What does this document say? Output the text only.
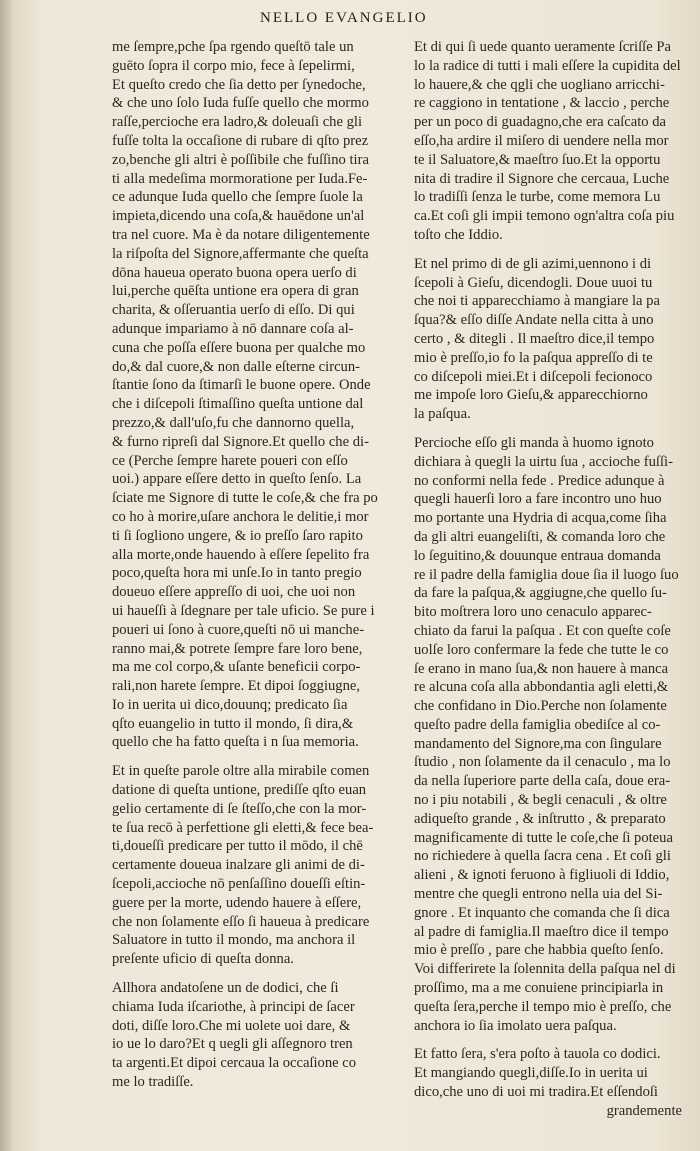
NELLO EVANGELIO
me ſempre,pche ſpa rgendo queſtō tale un
guēto ſopra il corpo mio, fece à ſepelirmi,
Et queſto credo che ſia detto per ſynedoche,
& che uno ſolo Iuda fuſſe quello che mormo
raſſe,percioche era ladro,& doleuaſi che gli
fuſſe tolta la occaſione di rubare di qſto prez
zo,benche gli altri è poſſibile che fuſſino tira
ti alla medeſima mormoratione per Iuda.Fe-
ce adunque Iuda quello che ſempre ſuole la
impieta,dicendo una coſa,& hauēdone un'al
tra nel cuore. Ma è da notare diligentemente
la riſpoſta del Signore,affermante che queſta
dōna haueua operato buona opera uerſo di
lui,perche quēſta untione era opera di gran
charita, & oſſeruantia uerſo di eſſo. Di qui
adunque impariamo à nō dannare coſa al-
cuna che poſſa eſſere buona per qualche mo
do,& dal cuore,& non dalle eſterne circun-
ſtantie ſono da ſtimarſi le buone opere. Onde
che i diſcepoli ſtimaſſino queſta untione dal
prezzo,& dall'uſo,fu che dannorno quella,
& furno ripreſi dal Signore.Et quello che di-
ce (Perche ſempre harete poueri con eſſo
uoi.) appare eſſere detto in queſto ſenſo. La
ſciate me Signore di tutte le coſe,& che fra po
co ho à morire,uſare anchora le delitie,i mor
ti ſi ſogliono ungere, & io preſſo ſaro rapito
alla morte,onde hauendo à eſſere ſepelito fra
poco,queſta hora mi unſe.Io in tanto pregio
doueuo eſſere appreſſo di uoi, che uoi non
ui haueſſi à ſdegnare per tale uficio. Se pure i
poueri ui ſono à cuore,queſti nō ui manche-
ranno mai,& potrete ſempre fare loro bene,
ma me col corpo,& uſante beneficii corpo-
rali,non harete ſempre. Et dipoi ſoggiugne,
Io in uerita ui dico,douunq; predicato ſia
qſto euangelio in tutto il mondo, ſi dira,&
quello che ha fatto queſta i n ſua memoria.
Et in queſte parole oltre alla mirabile comen
datione di queſta untione, prediſſe qſto euan
gelio certamente di ſe ſteſſo,che con la mor-
te ſua recō à perfettione gli eletti,& fece bea-
ti,doueſſi predicare per tutto il mōdo, il chē
certamente doueua inalzare gli animi de di-
ſcepoli,accioche nō penſaſſino doueſſi eſtin-
guere per la morte, udendo hauere à eſſere,
che non ſolamente eſſo ſi haueua à predicare
Saluatore in tutto il mondo, ma anchora il
preſente uficio di queſta donna.
Allhora andatoſene un de dodici, che ſi
chiama Iuda iſcariothe, à principi de ſacer
doti, diſſe loro.Che mi uolete uoi dare, &
io ue lo daro?Et q uegli gli aſſegnoro tren
ta argenti.Et dipoi cercaua la occaſione co
me lo tradiſſe.
Et di qui ſi uede quanto ueramente ſcriſſe Pa
lo la radice di tutti i mali eſſere la cupidita del
lo hauere,& che qgli che uogliano arricchi-
re caggiono in tentatione , & laccio , perche
per un poco di guadagno,che era caſcato da
eſſo,ha ardire il miſero di uendere nella mor
te il Saluatore,& maeſtro ſuo.Et la opportu
nita di tradire il Signore che cercaua, Luche
lo tradiſſi ſenza le turbe, come memora Lu
ca.Et coſi gli impii temono ogn'altra coſa piu
toſto che Iddio.
Et nel primo di de gli azimi,uennono i di
ſcepoli à Gieſu, dicendogli. Doue uuoi tu
che noi ti apparecchiamo à mangiare la pa
ſqua?& eſſo diſſe Andate nella citta à uno
certo , & ditegli . Il maeſtro dice,il tempo
mio è preſſo,io fo la paſqua appreſſo di te
co diſcepoli miei.Et i diſcepoli fecionoco
me impoſe loro Gieſu,& apparecchiorno
la paſqua.
Percioche eſſo gli manda à huomo ignoto
dichiara à quegli la uirtu ſua , accioche fuſſi-
no conformi nella fede . Predice adunque à
quegli hauerſi loro a fare incontro uno huo
mo portante una Hydria di acqua,come ſiha
da gli altri euangeliſti, & comanda loro che
lo ſeguitino,& douunque entraua domanda
re il padre della famiglia doue ſia il luogo ſuo
da fare la paſqua,& aggiugne,che quello ſu-
bito moſtrera loro uno cenaculo apparec-
chiato da farui la paſqua . Et con queſte coſe
uolſe loro confermare la fede che tutte le co
ſe erano in mano ſua,& non hauere à manca
re alcuna coſa alla abbondantia agli eletti,&
che confidano in Dio.Perche non ſolamente
queſto padre della famiglia obediſce al co-
mandamento del Signore,ma con ſingulare
ſtudio , non ſolamente da il cenaculo , ma lo
da nella ſuperiore parte della caſa, doue era-
no i piu notabili , & begli cenaculi , & oltre
adiqueſto grande , & inſtrutto , & preparato
magnificamente di tutte le coſe,che ſi poteua
no richiedere à quella ſacra cena . Et coſi gli
alieni , & ignoti feruono à figliuoli di Iddio,
mentre che quegli entrono nella uia del Si-
gnore . Et inquanto che comanda che ſi dica
al padre di famiglia.Il maeſtro dice il tempo
mio è preſſo , pare che habbia queſto ſenſo.
Voi differirete la ſolennita della paſqua nel di
proſſimo, ma a me conuiene principiarla in
queſta ſera,perche il tempo mio è preſſo, che
anchora io ſia imolato uera paſqua.
Et fatto ſera, s'era poſto à tauola co dodici.
Et mangiando quegli,diſſe.Io in uerita ui
dico,che uno di uoi mi tradira.Et eſſendoſi
grandemente
